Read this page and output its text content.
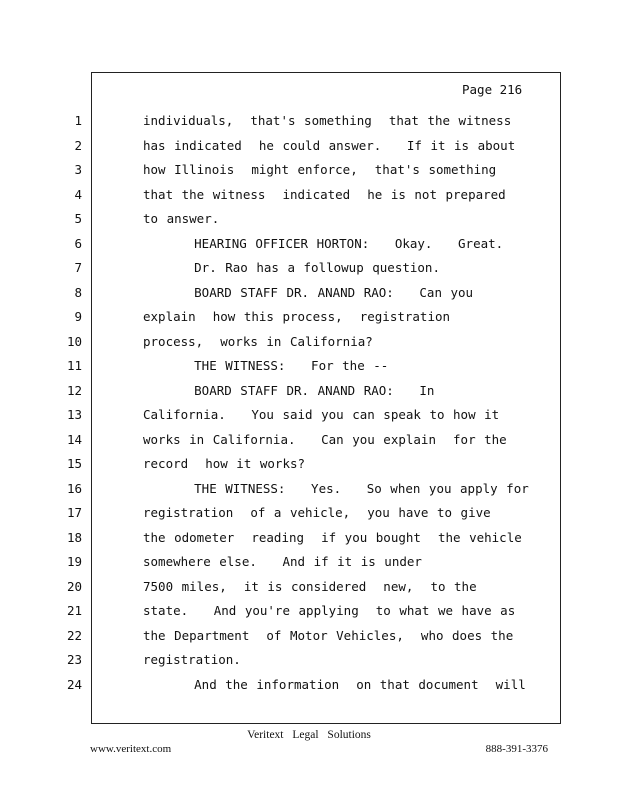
Page 216
1	individuals,  that's something  that the witness
2	has indicated  he could answer.   If it is about
3	how Illinois  might enforce,  that's something
4	that the witness  indicated  he is not prepared
5	to answer.
6	HEARING OFFICER HORTON:   Okay.   Great.
7	Dr. Rao has a followup question.
8	BOARD STAFF DR. ANAND RAO:   Can you
9	explain  how this process,  registration
10	process,  works in California?
11	THE WITNESS:   For the --
12	BOARD STAFF DR. ANAND RAO:   In
13	California.   You said you can speak to how it
14	works in California.   Can you explain  for the
15	record  how it works?
16	THE WITNESS:   Yes.   So when you apply for
17	registration  of a vehicle,  you have to give
18	the odometer  reading  if you bought  the vehicle
19	somewhere else.   And if it is under
20	7500 miles,  it is considered  new,  to the
21	state.   And you're applying  to what we have as
22	the Department  of Motor Vehicles,  who does the
23	registration.
24	And the information  on that document  will
Veritext Legal Solutions
www.veritext.com	888-391-3376
